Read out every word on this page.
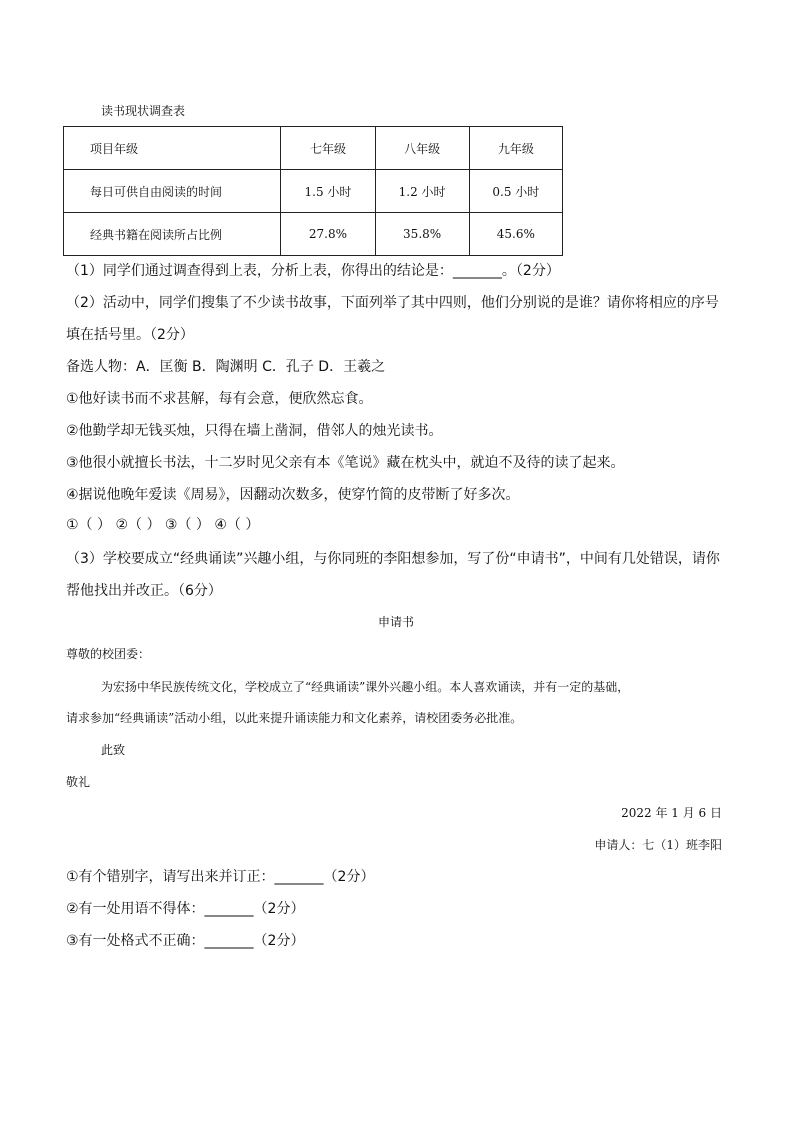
读书现状调查表
项目年级	七年级	八年级	九年级
每日可供自由阅读的时间	1.5 小时	1.2 小时	0.5 小时
经典书籍在阅读所占比例	27.8%	35.8%	45.6%
（1）同学们通过调查得到上表，分析上表，你得出的结论是：_______。（2分）
（2）活动中，同学们搜集了不少读书故事，下面列举了其中四则，他们分别说的是谁？请你将相应的序号
填在括号里。（2分）
备选人物：A．匡衡 B．陶渊明 C．孔子 D．王羲之
①他好读书而不求甚解，每有会意，便欣然忘食。
②他勤学却无钱买烛，只得在墙上凿洞，借邻人的烛光读书。
③他很小就擅长书法，十二岁时见父亲有本《笔说》藏在枕头中，就迫不及待的读了起来。
④据说他晚年爱读《周易》，因翻动次数多，使穿竹简的皮带断了好多次。
①（ ） ②（ ） ③（ ） ④（ ）
（3）学校要成立“经典诵读”兴趣小组，与你同班的李阳想参加，写了份“申请书”，中间有几处错误，请你
帮他找出并改正。（6分）
申请书
尊敬的校团委：
为宏扬中华民族传统文化，学校成立了“经典诵读”课外兴趣小组。本人喜欢诵读，并有一定的基础，
请求参加“经典诵读”活动小组，以此来提升诵读能力和文化素养，请校团委务必批准。
此致
敬礼
2022 年 1 月 6 日
申请人：七（1）班李阳
①有个错别字，请写出来并订正：_______（2分）
②有一处用语不得体：_______（2分）
③有一处格式不正确：_______（2分）
